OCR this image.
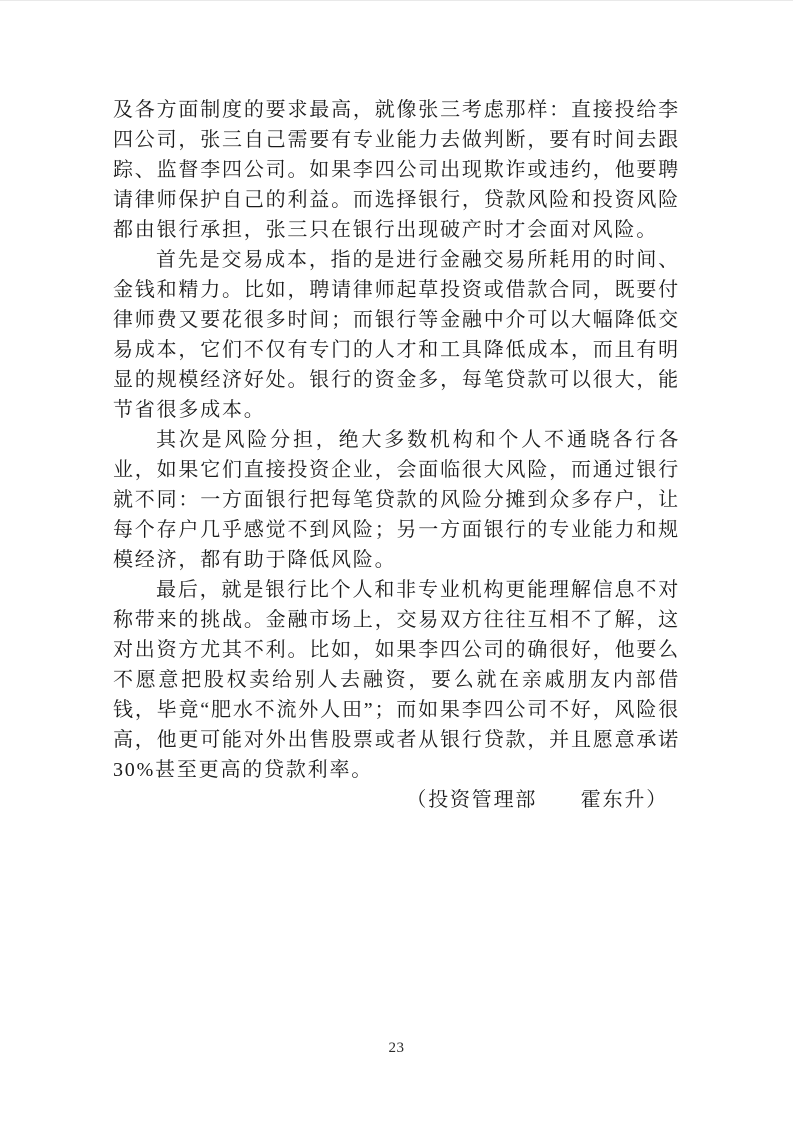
及各方面制度的要求最高，就像张三考虑那样：直接投给李四公司，张三自己需要有专业能力去做判断，要有时间去跟踪、监督李四公司。如果李四公司出现欺诈或违约，他要聘请律师保护自己的利益。而选择银行，贷款风险和投资风险都由银行承担，张三只在银行出现破产时才会面对风险。

首先是交易成本，指的是进行金融交易所耗用的时间、金钱和精力。比如，聘请律师起草投资或借款合同，既要付律师费又要花很多时间；而银行等金融中介可以大幅降低交易成本，它们不仅有专门的人才和工具降低成本，而且有明显的规模经济好处。银行的资金多，每笔贷款可以很大，能节省很多成本。

其次是风险分担，绝大多数机构和个人不通晓各行各业，如果它们直接投资企业，会面临很大风险，而通过银行就不同：一方面银行把每笔贷款的风险分摊到众多存户，让每个存户几乎感觉不到风险；另一方面银行的专业能力和规模经济，都有助于降低风险。

最后，就是银行比个人和非专业机构更能理解信息不对称带来的挑战。金融市场上，交易双方往往互相不了解，这对出资方尤其不利。比如，如果李四公司的确很好，他要么不愿意把股权卖给别人去融资，要么就在亲戚朋友内部借钱，毕竟“肥水不流外人田”；而如果李四公司不好，风险很高，他更可能对外出售股票或者从银行贷款，并且愿意承诺 30%甚至更高的贷款利率。

（投资管理部　　霍东升）

23
